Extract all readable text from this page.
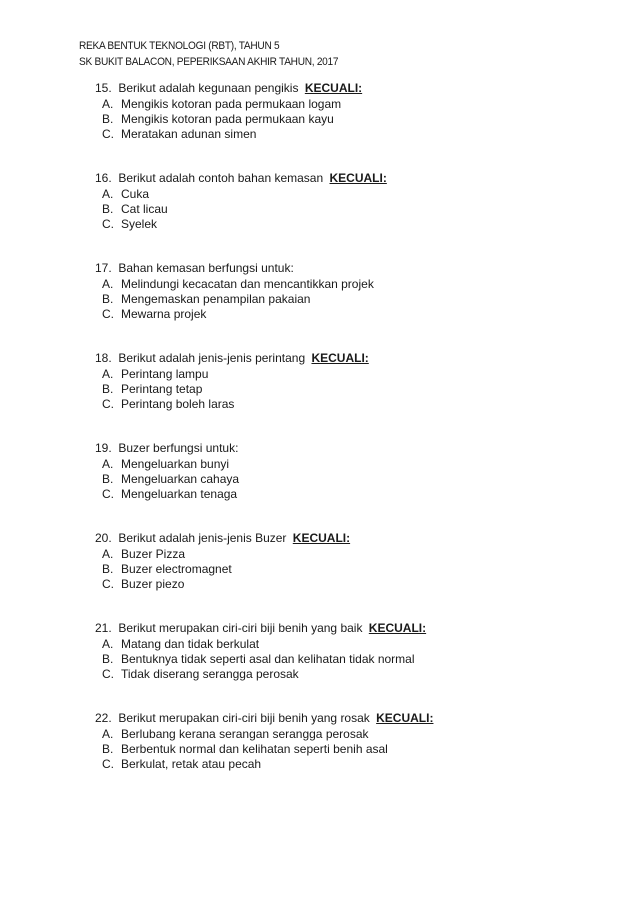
REKA BENTUK TEKNOLOGI (RBT), TAHUN 5
SK BUKIT BALACON, PEPERIKSAAN AKHIR TAHUN, 2017
15. Berikut adalah kegunaan pengikis KECUALI:
A. Mengikis kotoran pada permukaan logam
B. Mengikis kotoran pada permukaan kayu
C. Meratakan adunan simen
16. Berikut adalah contoh bahan kemasan KECUALI:
A. Cuka
B. Cat licau
C. Syelek
17. Bahan kemasan berfungsi untuk:
A. Melindungi kecacatan dan mencantikkan projek
B. Mengemaskan penampilan pakaian
C. Mewarna projek
18. Berikut adalah jenis-jenis perintang KECUALI:
A. Perintang lampu
B. Perintang tetap
C. Perintang boleh laras
19. Buzer berfungsi untuk:
A. Mengeluarkan bunyi
B. Mengeluarkan cahaya
C. Mengeluarkan tenaga
20. Berikut adalah jenis-jenis Buzer KECUALI:
A. Buzer Pizza
B. Buzer electromagnet
C. Buzer piezo
21. Berikut merupakan ciri-ciri biji benih yang baik KECUALI:
A. Matang dan tidak berkulat
B. Bentuknya tidak seperti asal dan kelihatan tidak normal
C. Tidak diserang serangga perosak
22. Berikut merupakan ciri-ciri biji benih yang rosak KECUALI:
A. Berlubang kerana serangan serangga perosak
B. Berbentuk normal dan kelihatan seperti benih asal
C. Berkulat, retak atau pecah
